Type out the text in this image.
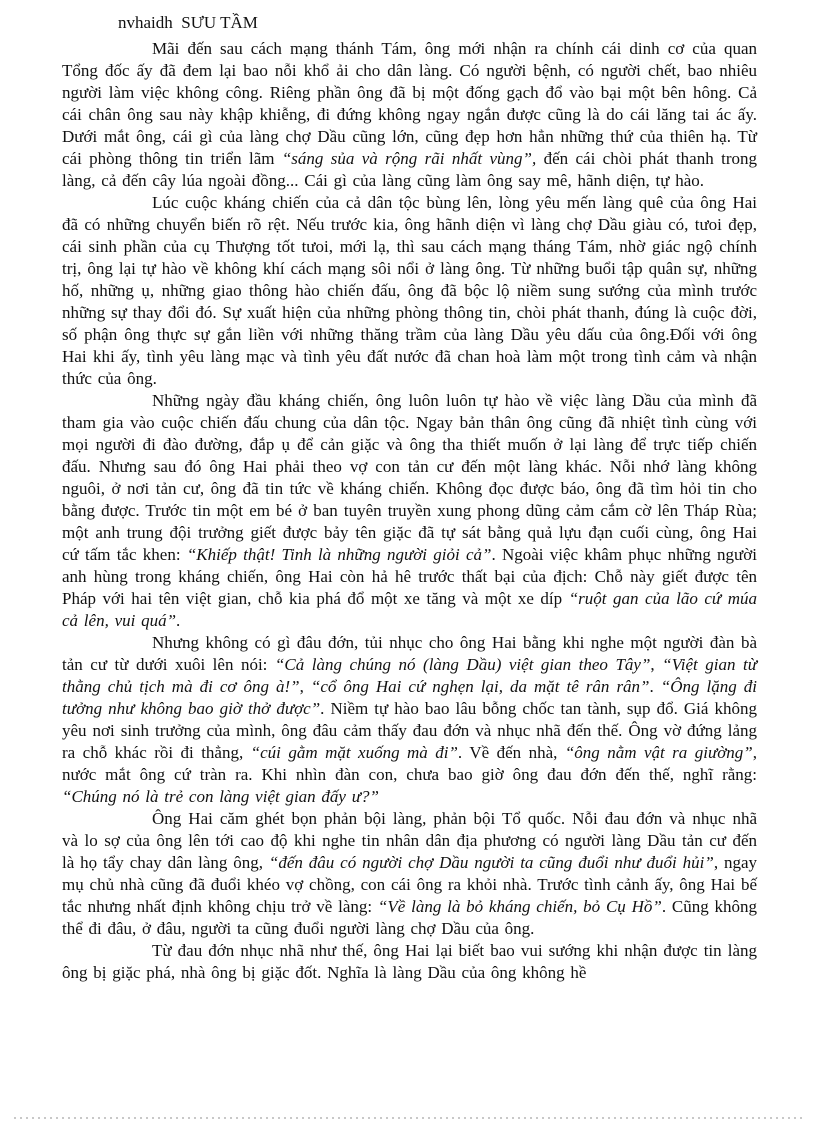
nvhaidh  SƯU TẦM

Mãi đến sau cách mạng thánh Tám, ông mới nhận ra chính cái dinh cơ của quan Tổng đốc ấy đã đem lại bao nỗi khổ ải cho dân làng. Có người bệnh, có người chết, bao nhiêu người làm việc không công. Riêng phần ông đã bị một đống gạch đổ vào bại một bên hông. Cả cái chân ông sau này khập khiễng, đi đứng không ngay ngắn được cũng là do cái lăng tai ác ấy. Dưới mắt ông, cái gì của làng chợ Dầu cũng lớn, cũng đẹp hơn hẳn những thứ của thiên hạ. Từ cái phòng thông tin triển lãm “sáng sủa và rộng rãi nhất vùng”, đến cái chòi phát thanh trong làng, cả đến cây lúa ngoài đồng... Cái gì của làng cũng làm ông say mê, hãnh diện, tự hào.

Lúc cuộc kháng chiến của cả dân tộc bùng lên, lòng yêu mến làng quê của ông Hai đã có những chuyển biến rõ rệt. Nếu trước kia, ông hãnh diện vì làng chợ Dầu giàu có, tưoi đẹp, cái sinh phần của cụ Thượng tốt tưoi, mới lạ, thì sau cách mạng tháng Tám, nhờ giác ngộ chính trị, ông lại tự hào về không khí cách mạng sôi nổi ở làng ông. Từ những buổi tập quân sự, những hố, những ụ, những giao thông hào chiến đấu, ông đã bộc lộ niềm sung sướng của mình trước những sự thay đổi đó. Sự xuất hiện của những phòng thông tin, chòi phát thanh, đúng là cuộc đời, số phận ông thực sự gắn liền với những thăng trầm của làng Dầu yêu dấu của ông.Đối với ông Hai khi ấy, tình yêu làng mạc và tình yêu đất nước đã chan hoà làm một trong tình cảm và nhận thức của ông.

Những ngày đầu kháng chiến, ông luôn luôn tự hào về việc làng Dầu của mình đã tham gia vào cuộc chiến đấu chung của dân tộc. Ngay bản thân ông cũng đã nhiệt tình cùng với mọi người đi đào đường, đắp ụ để cản giặc và ông tha thiết muốn ở lại làng để trực tiếp chiến đấu. Nhưng sau đó ông Hai phải theo vợ con tản cư đến một làng khác. Nỗi nhớ làng không nguôi, ở nơi tản cư, ông đã tin tức về kháng chiến. Không đọc được báo, ông đã tìm hỏi tin cho bằng được. Trước tin một em bé ở ban tuyên truyền xung phong dũng cảm cắm cờ lên Tháp Rùa; một anh trung đội trưởng giết được bảy tên giặc đã tự sát bằng quả lựu đạn cuối cùng, ông Hai cứ tấm tắc khen: “Khiếp thật! Tinh là những người giỏi cả”. Ngoài việc khâm phục những người anh hùng trong kháng chiến, ông Hai còn hả hê trước thất bại của địch: Chỗ này giết được tên Pháp với hai tên việt gian, chỗ kia phá đổ một xe tăng và một xe díp “ruột gan của lão cứ múa cả lên, vui quá”.

Nhưng không có gì đâu đớn, tủi nhục cho ông Hai bằng khi nghe một người đàn bà tản cư từ dưới xuôi lên nói: “Cả làng chúng nó (làng Dầu) việt gian theo Tây”, “Việt gian từ thằng chủ tịch mà đi cơ ông à!”, “cổ ông Hai cứ nghẹn lại, da mặt tê rân rân”. “Ông lặng đi tưởng như không bao giờ thở được”. Niềm tự hào bao lâu bỗng chốc tan tành, sụp đổ. Giá không yêu nơi sinh trưởng của mình, ông đâu cảm thấy đau đớn và nhục nhã đến thế. Ông vờ đứng lảng ra chỗ khác rồi đi thẳng, “cúi gằm mặt xuống mà đi”. Về đến nhà, “ông nằm vật ra giường”, nước mắt ông cứ tràn ra. Khi nhìn đàn con, chưa bao giờ ông đau đớn đến thế, nghĩ rằng: “Chúng nó là trẻ con làng việt gian đấy ư?”

Ông Hai căm ghét bọn phản bội làng, phản bội Tổ quốc. Nỗi đau đớn và nhục nhã và lo sợ của ông lên tới cao độ khi nghe tin nhân dân địa phương có người làng Dầu tản cư đến là họ tẩy chay dân làng ông, “đến đâu có người chợ Dầu người ta cũng đuổi như đuổi hủi”, ngay mụ chủ nhà cũng đã đuổi khéo vợ chồng, con cái ông ra khỏi nhà. Trước tình cảnh ấy, ông Hai bế tắc nhưng nhất định không chịu trở về làng: “Về làng là bỏ kháng chiến, bỏ Cụ Hồ”. Cũng không thể đi đâu, ở đâu, người ta cũng đuổi người làng chợ Dầu của ông.

Từ đau đớn nhục nhã như thế, ông Hai lại biết bao vui sướng khi nhận được tin làng ông bị giặc phá, nhà ông bị giặc đốt. Nghĩa là làng Dầu của ông không hề
